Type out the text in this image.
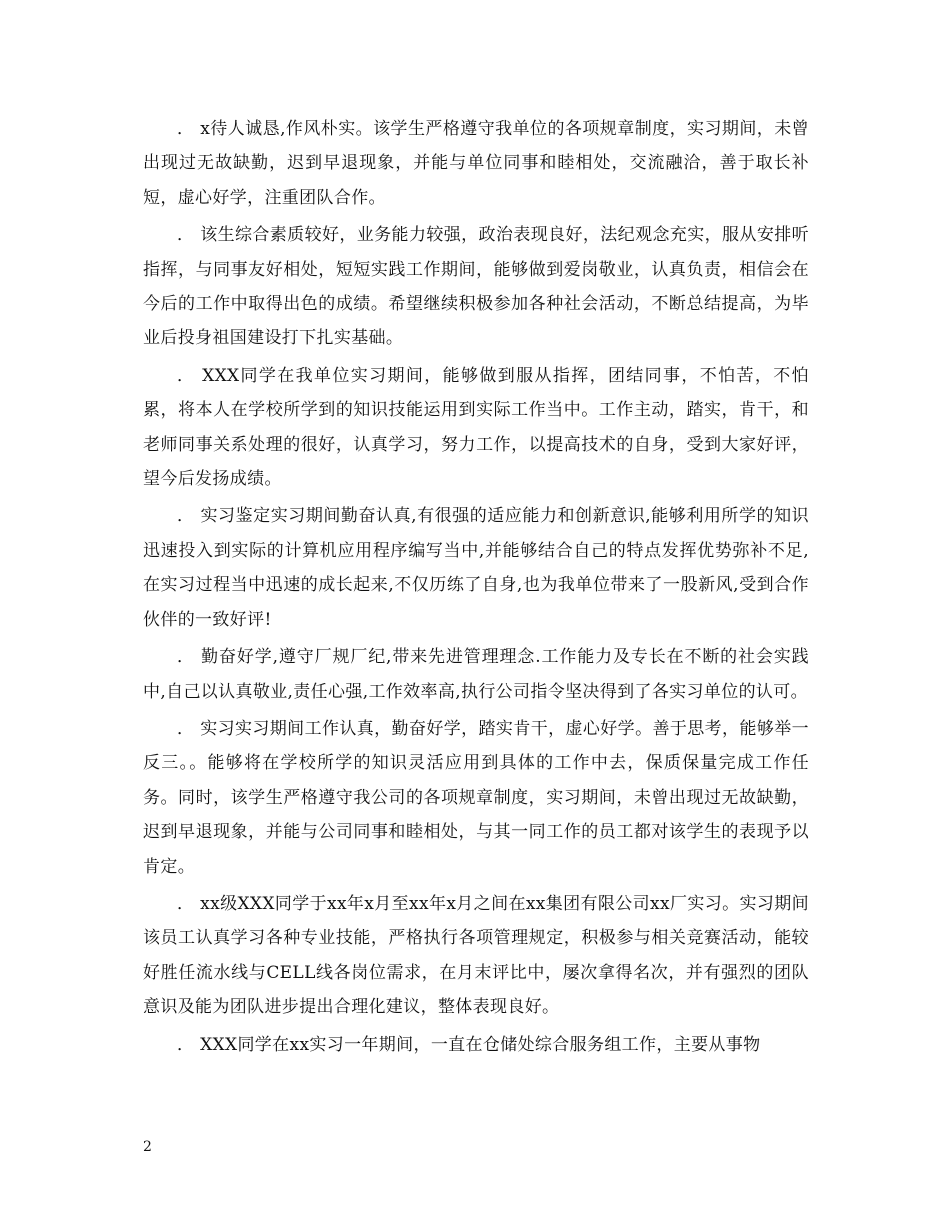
． x待人诚恳,作风朴实。该学生严格遵守我单位的各项规章制度，实习期间，未曾出现过无故缺勤，迟到早退现象，并能与单位同事和睦相处，交流融洽，善于取长补短，虚心好学，注重团队合作。

． 该生综合素质较好，业务能力较强，政治表现良好，法纪观念充实，服从安排听指挥，与同事友好相处，短短实践工作期间，能够做到爱岗敬业，认真负责，相信会在今后的工作中取得出色的成绩。希望继续积极参加各种社会活动，不断总结提高，为毕业后投身祖国建设打下扎实基础。

． XXX同学在我单位实习期间，能够做到服从指挥，团结同事，不怕苦，不怕累，将本人在学校所学到的知识技能运用到实际工作当中。工作主动，踏实，肯干，和老师同事关系处理的很好，认真学习，努力工作，以提高技术的自身，受到大家好评，望今后发扬成绩。

． 实习鉴定实习期间勤奋认真,有很强的适应能力和创新意识,能够利用所学的知识迅速投入到实际的计算机应用程序编写当中,并能够结合自己的特点发挥优势弥补不足,在实习过程当中迅速的成长起来,不仅历练了自身,也为我单位带来了一股新风,受到合作伙伴的一致好评!

． 勤奋好学,遵守厂规厂纪,带来先进管理理念.工作能力及专长在不断的社会实践中,自己以认真敬业,责任心强,工作效率高,执行公司指令坚决得到了各实习单位的认可。

． 实习实习期间工作认真，勤奋好学，踏实肯干，虚心好学。善于思考，能够举一反三。。能够将在学校所学的知识灵活应用到具体的工作中去，保质保量完成工作任务。同时，该学生严格遵守我公司的各项规章制度，实习期间，未曾出现过无故缺勤，迟到早退现象，并能与公司同事和睦相处，与其一同工作的员工都对该学生的表现予以肯定。

． xx级XXX同学于xx年x月至xx年x月之间在xx集团有限公司xx厂实习。实习期间该员工认真学习各种专业技能，严格执行各项管理规定，积极参与相关竞赛活动，能较好胜任流水线与CELL线各岗位需求，在月末评比中，屡次拿得名次，并有强烈的团队意识及能为团队进步提出合理化建议，整体表现良好。

． XXX同学在xx实习一年期间，一直在仓储处综合服务组工作，主要从事物

2
